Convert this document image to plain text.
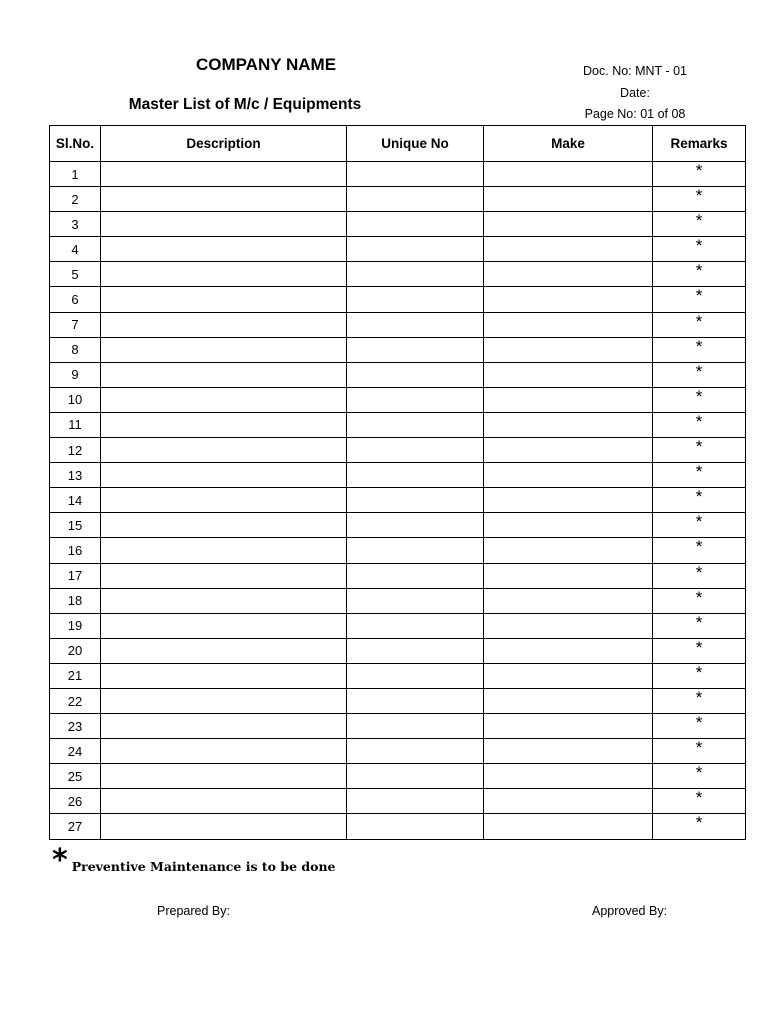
COMPANY NAME
Master List of M/c / Equipments
Doc. No: MNT - 01
Date:
Page No: 01 of 08
Sl.No.	Description	Unique No	Make	Remarks
1				*
2				*
3				*
4				*
5				*
6				*
7				*
8				*
9				*
10				*
11				*
12				*
13				*
14				*
15				*
16				*
17				*
18				*
19				*
20				*
21				*
22				*
23				*
24				*
25				*
26				*
27				*
* Preventive Maintenance is to be done
Prepared By:	Approved By:
